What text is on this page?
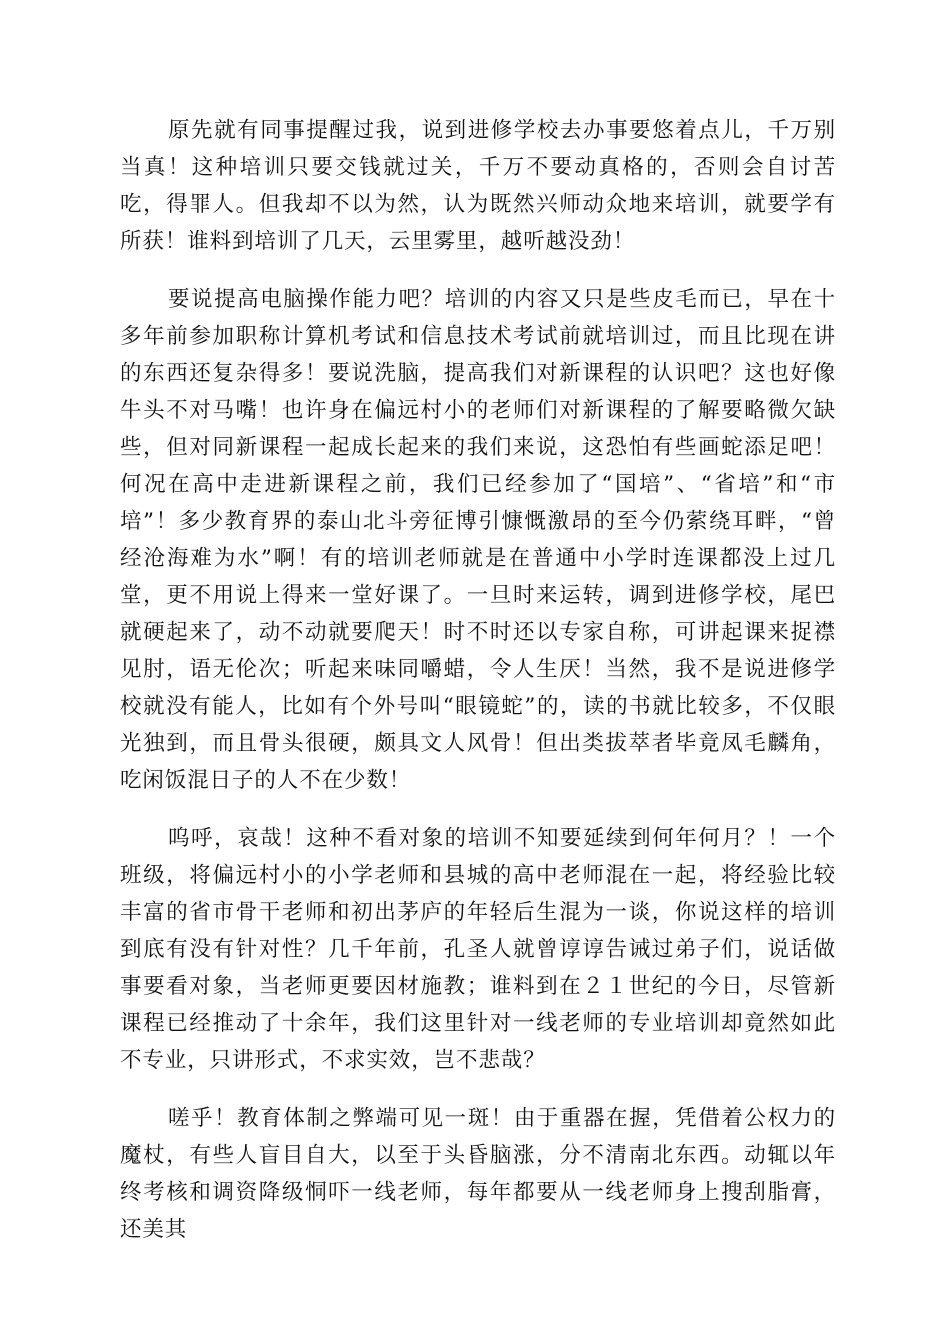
原先就有同事提醒过我，说到进修学校去办事要悠着点儿，千万别当真！这种培训只要交钱就过关，千万不要动真格的，否则会自讨苦吃，得罪人。但我却不以为然，认为既然兴师动众地来培训，就要学有所获！谁料到培训了几天，云里雾里，越听越没劲！

要说提高电脑操作能力吧？培训的内容又只是些皮毛而已，早在十多年前参加职称计算机考试和信息技术考试前就培训过，而且比现在讲的东西还复杂得多！要说洗脑，提高我们对新课程的认识吧？这也好像牛头不对马嘴！也许身在偏远村小的老师们对新课程的了解要略微欠缺些，但对同新课程一起成长起来的我们来说，这恐怕有些画蛇添足吧！何况在高中走进新课程之前，我们已经参加了“国培”、“省培”和“市培”！多少教育界的泰山北斗旁征博引慷慨激昂的至今仍萦绕耳畔，“曾经沧海难为水”啊！有的培训老师就是在普通中小学时连课都没上过几堂，更不用说上得来一堂好课了。一旦时来运转，调到进修学校，尾巴就硬起来了，动不动就要爬天！时不时还以专家自称，可讲起课来捉襟见肘，语无伦次；听起来味同嚼蜡，令人生厌！当然，我不是说进修学校就没有能人，比如有个外号叫“眼镜蛇”的，读的书就比较多，不仅眼光独到，而且骨头很硬，颇具文人风骨！但出类拔萃者毕竟凤毛麟角，吃闲饭混日子的人不在少数！

呜呼，哀哉！这种不看对象的培训不知要延续到何年何月？！一个班级，将偏远村小的小学老师和县城的高中老师混在一起，将经验比较丰富的省市骨干老师和初出茅庐的年轻后生混为一谈，你说这样的培训到底有没有针对性？几千年前，孔圣人就曾谆谆告诫过弟子们，说话做事要看对象，当老师更要因材施教；谁料到在２１世纪的今日，尽管新课程已经推动了十余年，我们这里针对一线老师的专业培训却竟然如此不专业，只讲形式，不求实效，岂不悲哉？

嗟乎！教育体制之弊端可见一斑！由于重器在握，凭借着公权力的魔杖，有些人盲目自大，以至于头昏脑涨，分不清南北东西。动辄以年终考核和调资降级恫吓一线老师，每年都要从一线老师身上搜刮脂膏，还美其
